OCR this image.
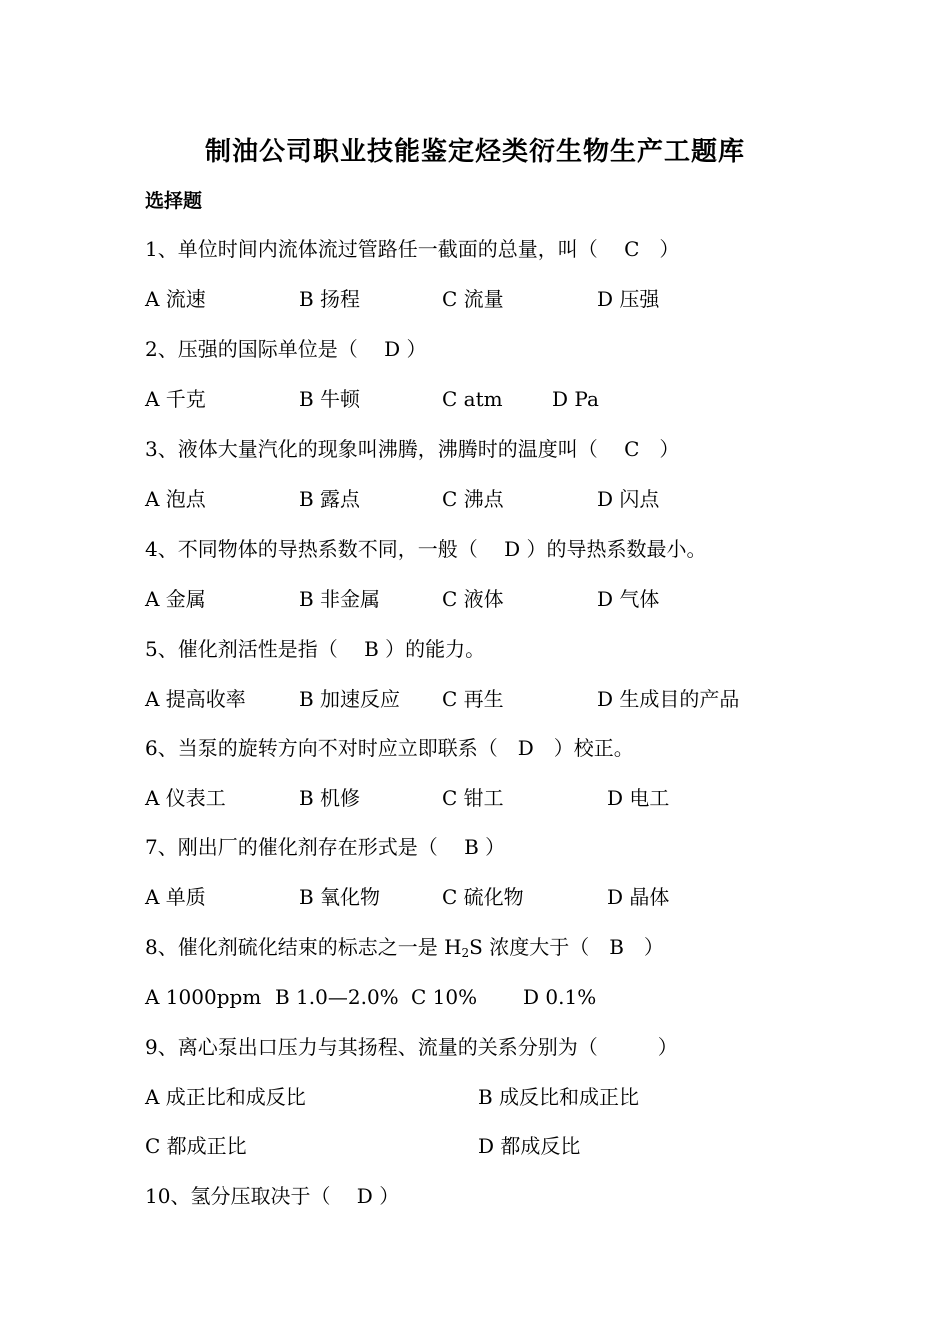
制油公司职业技能鉴定烃类衍生物生产工题库
选择题
1、单位时间内流体流过管路任一截面的总量，叫（　 C　）
A 流速	B 扬程	C 流量	D 压强
2、压强的国际单位是（　 D ）
A 千克	B 牛顿	C atm D Pa
3、液体大量汽化的现象叫沸腾，沸腾时的温度叫（　 C　）
A 泡点	B 露点	C 沸点	D 闪点
4、不同物体的导热系数不同，一般（　 D ）的导热系数最小。
A 金属	B 非金属	C 液体	D 气体
5、催化剂活性是指（　 B ）的能力。
A 提高收率	B 加速反应 C 再生	D 生成目的产品
6、当泵的旋转方向不对时应立即联系（　D　）校正。
A 仪表工	B 机修	C 钳工	D 电工
7、刚出厂的催化剂存在形式是（　 B ）
A 单质	B 氧化物	C 硫化物	D 晶体
8、催化剂硫化结束的标志之一是 $H_2S$ 浓度大于（　B　）
A 1000ppm B 1.0—2.0% C 10% D 0.1%
9、离心泵出口压力与其扬程、流量的关系分别为（　　　）
A 成正比和成反比	B 成反比和成正比
C 都成正比	D 都成反比
10、氢分压取决于（　 D ）
